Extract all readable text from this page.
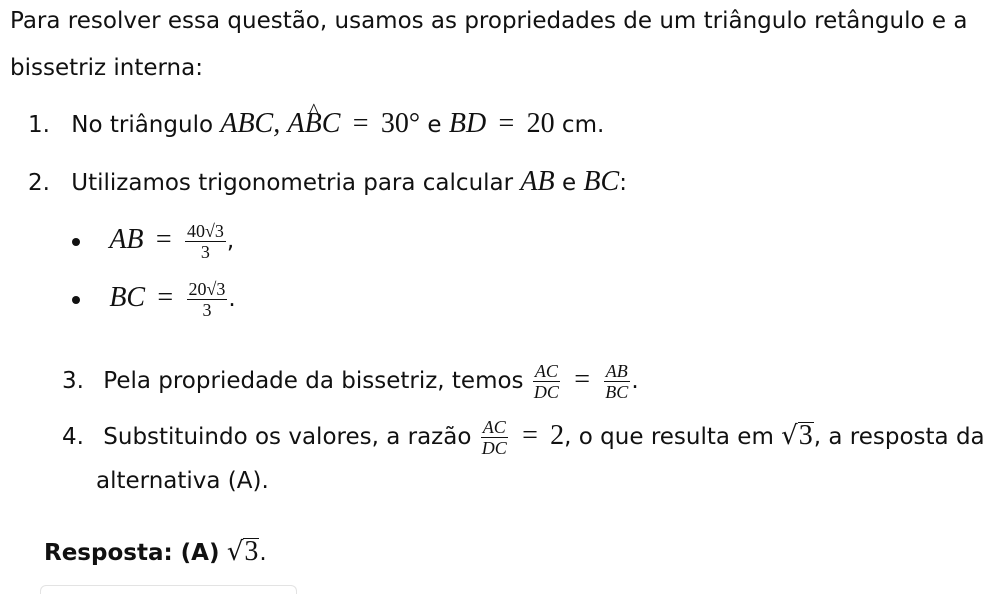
Para resolver essa questão, usamos as propriedades de um triângulo retângulo e a
bissetriz interna:
1. No triângulo ABC, A^ BC = 30° e BD = 20 cm.
2. Utilizamos trigonometria para calcular AB e BC:
AB = $\frac{40√3}{3}$ ,
BC = $\frac{20√3}{3}$ .
3. Pela propriedade da bissetriz, temos $\frac{AC}{DC} = \frac{AB}{BC}$ .
4. Substituindo os valores, a razão $\frac{AC}{DC} = 2$, o que resulta em √3, a resposta da
alternativa (A).
Resposta: (A) √3.
